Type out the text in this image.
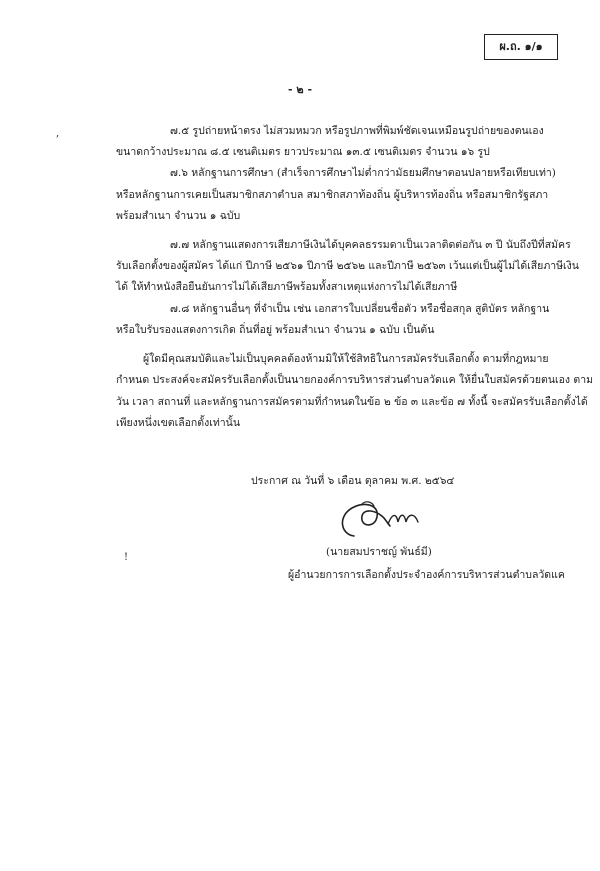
ผ.ถ. ๑/๑
- ๒ -
,
!
๗.๕ รูปถ่ายหน้าตรง ไม่สวมหมวก หรือรูปภาพที่พิมพ์ชัดเจนเหมือนรูปถ่ายของตนเอง
ขนาดกว้างประมาณ ๘.๕ เซนติเมตร ยาวประมาณ ๑๓.๕ เซนติเมตร จำนวน ๑๖ รูป
๗.๖ หลักฐานการศึกษา (สำเร็จการศึกษาไม่ต่ำกว่ามัธยมศึกษาตอนปลายหรือเทียบเท่า)
หรือหลักฐานการเคยเป็นสมาชิกสภาตำบล สมาชิกสภาท้องถิ่น ผู้บริหารท้องถิ่น หรือสมาชิกรัฐสภา
พร้อมสำเนา จำนวน ๑ ฉบับ
๗.๗ หลักฐานแสดงการเสียภาษีเงินได้บุคคลธรรมดาเป็นเวลาติดต่อกัน ๓ ปี นับถึงปีที่สมัคร
รับเลือกตั้งของผู้สมัคร ได้แก่ ปีภาษี ๒๕๖๑ ปีภาษี ๒๕๖๒ และปีภาษี ๒๕๖๓ เว้นแต่เป็นผู้ไม่ได้เสียภาษีเงิน
ได้ ให้ทำหนังสือยืนยันการไม่ได้เสียภาษีพร้อมทั้งสาเหตุแห่งการไม่ได้เสียภาษี
๗.๘ หลักฐานอื่นๆ ที่จำเป็น เช่น เอกสารใบเปลี่ยนชื่อตัว หรือชื่อสกุล สูติบัตร หลักฐาน
หรือใบรับรองแสดงการเกิด ถิ่นที่อยู่ พร้อมสำเนา จำนวน ๑ ฉบับ เป็นต้น
ผู้ใดมีคุณสมบัติและไม่เป็นบุคคลต้องห้ามมิให้ใช้สิทธิในการสมัครรับเลือกตั้ง ตามที่กฎหมาย
กำหนด ประสงค์จะสมัครรับเลือกตั้งเป็นนายกองค์การบริหารส่วนตำบลวัดแค ให้ยื่นใบสมัครด้วยตนเอง ตาม
วัน เวลา สถานที่ และหลักฐานการสมัครตามที่กำหนดในข้อ ๒ ข้อ ๓ และข้อ ๗ ทั้งนี้ จะสมัครรับเลือกตั้งได้
เพียงหนึ่งเขตเลือกตั้งเท่านั้น
ประกาศ ณ วันที่ ๖ เดือน ตุลาคม พ.ศ. ๒๕๖๔
(นายสมปราชญ์ พันธ์มี)
ผู้อำนวยการการเลือกตั้งประจำองค์การบริหารส่วนตำบลวัดแค
